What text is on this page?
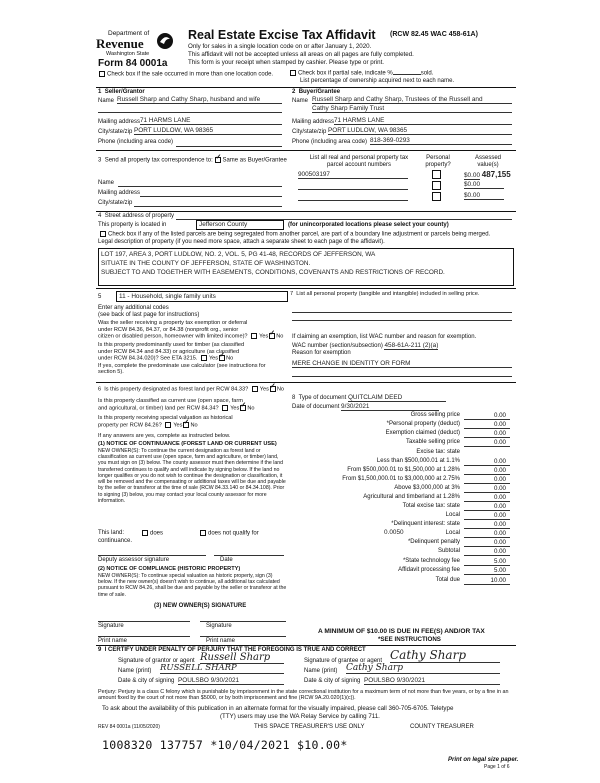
Department of
Revenue
Washington State
Form 84 0001a
Real Estate Excise Tax Affidavit (RCW 82.45 WAC 458-61A)
Only for sales in a single location code on or after January 1, 2020.
This affidavit will not be accepted unless all areas on all pages are fully completed.
This form is your receipt when stamped by cashier. Please type or print.
Check box if the sale occurred in more than one location code.	Check box if partial sale, indicate %	sold.
List percentage of ownership acquired next to each name.
1 Seller/Grantor
Name Russell Sharp and Cathy Sharp, husband and wife
Mailing address 71 HARMS LANE
City/state/zip PORT LUDLOW, WA 98365
Phone (including area code)
2 Buyer/Grantee
Name Russell Sharp and Cathy Sharp, Trustees of the Russell and
Cathy Sharp Family Trust
Mailing address 71 HARMS LANE
City/state/zip PORT LUDLOW, WA 98365
Phone (including area code) 818-369-0293
3 Send all property tax correspondence to: ✓ Same as Buyer/Grantee
Name
Mailing address
City/state/zip
List all real and personal property tax
parcel account numbers
Personal
property?
Assessed
value(s)
900503197	$0.00 487,155
$0.00
$0.00
4 Street address of property
This property is located in	Jefferson County	(for unincorporated locations please select your county)
Check box if any of the listed parcels are being segregated from another parcel, are part of a boundary line adjustment or parcels being merged.
Legal description of property (if you need more space, attach a separate sheet to each page of the affidavit).
LOT 197, AREA 3, PORT LUDLOW, NO. 2, VOL. 5, PG 41-48, RECORDS OF JEFFERSON, WA
SITUATE IN THE COUNTY OF JEFFERSON, STATE OF WASHINGTON.
SUBJECT TO AND TOGETHER WITH EASEMENTS, CONDITIONS, COVENANTS AND RESTRICTIONS OF RECORD.
5	11 - Household, single family units	7 List all personal property (tangible and intangible) included in selling price.
Enter any additional codes
(see back of last page for instructions)
Was the seller receiving a property tax exemption or deferral
under RCW 84.36, 84.37, or 84.38 (nonprofit org., senior
citizen or disabled person, homeowner with limited income)? Yes✓ No
Is this property predominantly used for timber (as classified
under RCW 84.34 and 84.33) or agriculture (as classified
under RCW 84.34.020)? See ETA 3215. Yes ✓ No
If yes, complete the predominate use calculator (see instructions for
section 5).
If claiming an exemption, list WAC number and reason for exemption.
WAC number (section/subsection) 458-61A-211 (2)(a)
Reason for exemption
MERE CHANGE IN IDENTITY OR FORM
6 Is this property designated as forest land per RCW 84.33? Yes✓ No
Is this property classified as current use (open space, farm
and agricultural, or timber) land per RCW 84.34? Yes ✓ No
Is this property receiving special valuation as historical
property per RCW 84.26? Yes ✓ No
If any answers are yes, complete as instructed below.
(1) NOTICE OF CONTINUANCE (FOREST LAND OR CURRENT USE)
NEW OWNER(S): To continue the current designation as forest land or classification as current use (open space, farm and agriculture, or timber) land, you must sign on (3) below. The county assessor must then determine if the land transferred continues to qualify and will indicate by signing below. If the land no longer qualifies or you do not wish to continue the designation or classification, it will be removed and the compensating or additional taxes will be due and payable by the seller or transferor at the time of sale (RCW 84.33.140 or 84.34.108). Prior to signing (3) below, you may contact your local county assessor for more information.
This land:	does	does not qualify for
continuance.
Deputy assessor signature	Date
(2) NOTICE OF COMPLIANCE (HISTORIC PROPERTY)
NEW OWNER(S): To continue special valuation as historic property, sign (3) below. If the new owner(s) doesn't wish to continue, all additional tax calculated pursuant to RCW 84.26, shall be due and payable by the seller or transferor at the time of sale.
(3) NEW OWNER(S) SIGNATURE
Signature	Signature
Print name	Print name
8 Type of document QUITCLAIM DEED
Date of document 9/30/2021
Gross selling price	0.00
*Personal property (deduct)	0.00
Exemption claimed (deduct)	0.00
Taxable selling price	0.00
Excise tax: state
Less than $500,000.01 at 1.1%	0.00
From $500,000.01 to $1,500,000 at 1.28%	0.00
From $1,500,000.01 to $3,000,000 at 2.75%	0.00
Above $3,000,000 at 3%	0.00
Agricultural and timberland at 1.28%	0.00
Total excise tax: state	0.00
Local	0.00
*Delinquent interest: state	0.00
Local	0.00
*Delinquent penalty	0.00
Subtotal	0.00
*State technology fee	5.00
Affidavit processing fee	5.00
Total due	10.00
0.0050
A MINIMUM OF $10.00 IS DUE IN FEE(S) AND/OR TAX
*SEE INSTRUCTIONS
9 I CERTIFY UNDER PENALTY OF PERJURY THAT THE FOREGOING IS TRUE AND CORRECT
Signature of grantor or agent Russell Sharp
Name (print) RUSSELL SHARP
Date & city of signing POULSBO 9/30/2021
Signature of grantee or agent Cathy Sharp
Name (print) Cathy Sharp
Date & city of signing POULSBO 9/30/2021
Perjury: Perjury is a class C felony which is punishable by imprisonment in the state correctional institution for a maximum term of not more than five years, or by a fine in an amount fixed by the court of not more than $5000, or by both imprisonment and fine (RCW 9A.20.020(1)(c)).
To ask about the availability of this publication in an alternate format for the visually impaired, please call 360-705-6705. Teletype
(TTY) users may use the WA Relay Service by calling 711.
REV 84 0001a (11/05/2020)	THIS SPACE TREASURER'S USE ONLY	COUNTY TREASURER
1008320 137757 *10/04/2021 $10.00*
Print on legal size paper.
Page 1 of 6
